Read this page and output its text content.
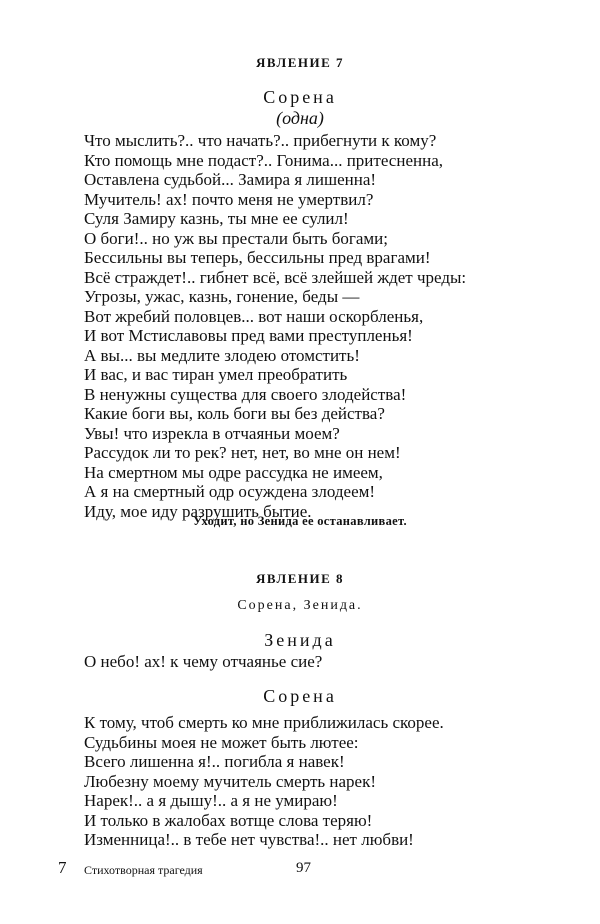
ЯВЛЕНИЕ 7
Сорена
(одна)
Что мыслить?.. что начать?.. прибегнути к кому?
Кто помощь мне подаст?.. Гонима... притесненна,
Оставлена судьбой... Замира я лишенна!
Мучитель! ах! почто меня не умертвил?
Суля Замиру казнь, ты мне ее сулил!
О боги!.. но уж вы престали быть богами;
Бессильны вы теперь, бессильны пред врагами!
Всё страждет!.. гибнет всё, всё злейшей ждет чреды:
Угрозы, ужас, казнь, гонение, беды —
Вот жребий половцев... вот наши оскорбленья,
И вот Мстиславовы пред вами преступленья!
А вы... вы медлите злодею отомстить!
И вас, и вас тиран умел преобратить
В ненужны существа для своего злодейства!
Какие боги вы, коль боги вы без действа?
Увы! что изрекла в отчаяньи моем?
Рассудок ли то рек? нет, нет, во мне он нем!
На смертном мы одре рассудка не имеем,
А я на смертный одр осуждена злодеем!
Иду, мое иду разрушить бытие.
Уходит, но Зенида ее останавливает.
ЯВЛЕНИЕ 8
Сорена, Зенида.
Зенида
О небо! ах! к чему отчаянье сие?
Сорена
К тому, чтоб смерть ко мне приближилась скорее.
Судьбины моея не может быть лютее:
Всего лишенна я!.. погибла я навек!
Любезну моему мучитель смерть нарек!
Нарек!.. а я дышу!.. а я не умираю!
И только в жалобах вотще слова теряю!
Изменница!.. в тебе нет чувства!.. нет любви!
7 Стихотворная трагедия	97
